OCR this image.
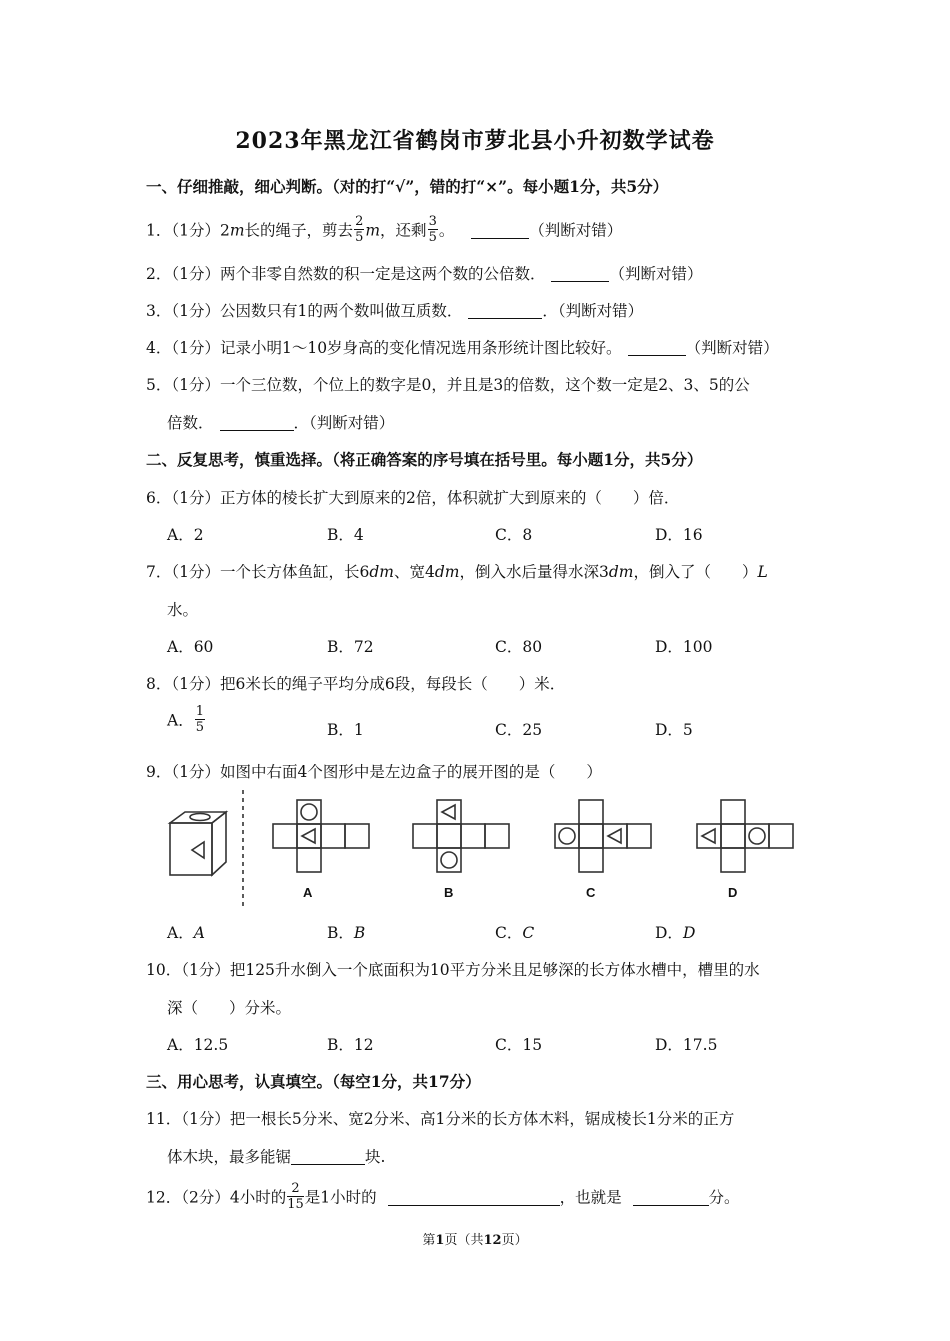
2023年黑龙江省鹤岗市萝北县小升初数学试卷
一、仔细推敲，细心判断。（对的打“√”，错的打“×”。每小题1分，共5分）
1．（1分）2m长的绳子，剪去 $\frac{2}{5}$ m，还剩 $\frac{3}{5}$ 。	（判断对错）
2．（1分）两个非零自然数的积一定是这两个数的公倍数．	（判断对错）
3．（1分）公因数只有1的两个数叫做互质数．	．（判断对错）
4．（1分）记录小明1～10岁身高的变化情况选用条形统计图比较好。	（判断对错）
5．（1分）一个三位数，个位上的数字是0，并且是3的倍数，这个数一定是2、3、5的公
倍数．	．（判断对错）
二、反复思考，慎重选择。（将正确答案的序号填在括号里。每小题1分，共5分）
6．（1分）正方体的棱长扩大到原来的2倍，体积就扩大到原来的（　　）倍．
A．2	B．4	C．8	D．16
7．（1分）一个长方体鱼缸，长6dm、宽4dm，倒入水后量得水深3dm，倒入了（　　）L
水。
A．60	B．72	C．80	D．100
8．（1分）把6米长的绳子平均分成6段，每段长（　　）米．
A． $\frac{1}{5}$	B．1	C．25	D．5
9．（1分）如图中右面4个图形中是左边盒子的展开图的是（　　）
A	B	C	D
A．A	B．B	C．C	D．D
10．（1分）把125升水倒入一个底面积为10平方分米且足够深的长方体水槽中，槽里的水
深（　　）分米。
A．12.5	B．12	C．15	D．17.5
三、用心思考，认真填空。（每空1分，共17分）
11．（1分）把一根长5分米、宽2分米、高1分米的长方体木料，锯成棱长1分米的正方
体木块，最多能锯	块.
12．（2分）4小时的 $\frac{2}{15}$ 是1小时的	，也就是	分。
第1页（共12页）
